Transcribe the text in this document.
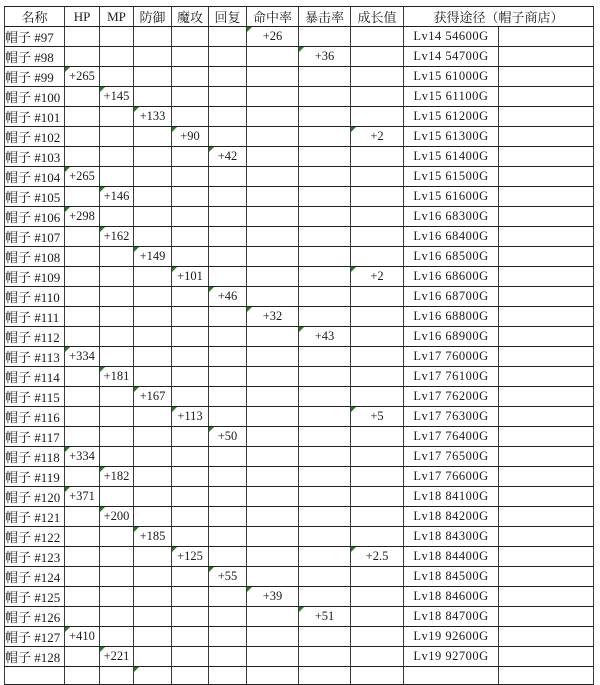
名称	HP	MP	防御	魔攻	回复	命中率	暴击率	成长值	获得途径（帽子商店）	
帽子 #97						+26			Lv14 54600G	
帽子 #98							+36		Lv14 54700G	
帽子 #99	+265								Lv15 61000G	
帽子 #100		+145							Lv15 61100G	
帽子 #101			+133						Lv15 61200G	
帽子 #102				+90				+2	Lv15 61300G	
帽子 #103					+42				Lv15 61400G	
帽子 #104	+265								Lv15 61500G	
帽子 #105		+146							Lv15 61600G	
帽子 #106	+298								Lv16 68300G	
帽子 #107		+162							Lv16 68400G	
帽子 #108			+149						Lv16 68500G	
帽子 #109				+101				+2	Lv16 68600G	
帽子 #110					+46				Lv16 68700G	
帽子 #111						+32			Lv16 68800G	
帽子 #112							+43		Lv16 68900G	
帽子 #113	+334								Lv17 76000G	
帽子 #114		+181							Lv17 76100G	
帽子 #115			+167						Lv17 76200G	
帽子 #116				+113				+5	Lv17 76300G	
帽子 #117					+50				Lv17 76400G	
帽子 #118	+334								Lv17 76500G	
帽子 #119		+182							Lv17 76600G	
帽子 #120	+371								Lv18 84100G	
帽子 #121		+200							Lv18 84200G	
帽子 #122			+185						Lv18 84300G	
帽子 #123				+125				+2.5	Lv18 84400G	
帽子 #124					+55				Lv18 84500G	
帽子 #125						+39			Lv18 84600G	
帽子 #126							+51		Lv18 84700G	
帽子 #127	+410								Lv19 92600G	
帽子 #128		+221							Lv19 92700G	
